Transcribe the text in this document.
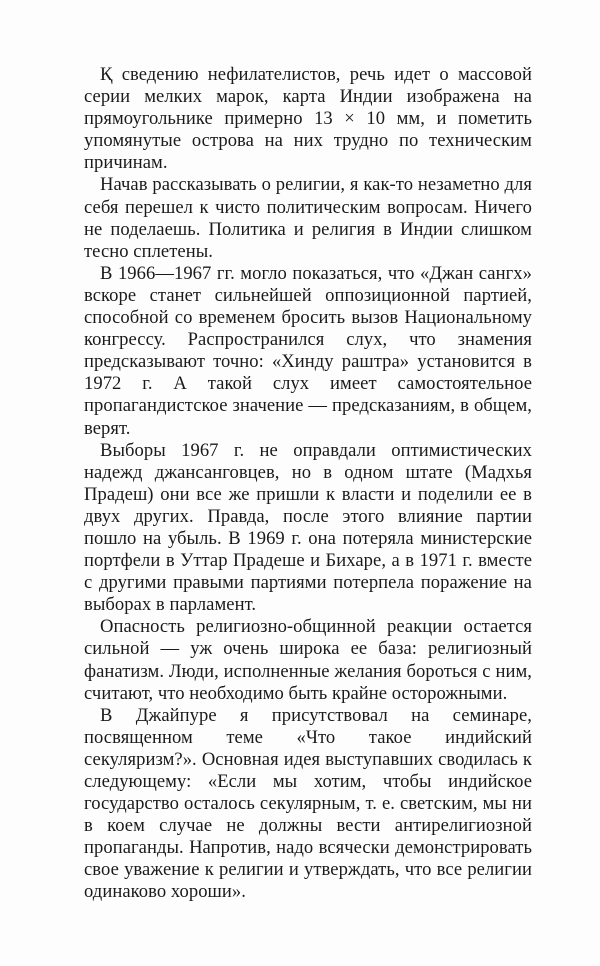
Қ сведению нефилателистов, речь идет о массовой серии мелких марок, карта Индии изображена на прямоугольнике примерно 13 × 10 мм, и пометить упомянутые острова на них трудно по техническим причинам.

Начав рассказывать о религии, я как-то незаметно для себя перешел к чисто политическим вопросам. Ничего не поделаешь. Политика и религия в Индии слишком тесно сплетены.

В 1966—1967 гг. могло показаться, что «Джан сангх» вскоре станет сильнейшей оппозиционной партией, способной со временем бросить вызов Национальному конгрессу. Распространился слух, что знамения предсказывают точно: «Хинду раштра» установится в 1972 г. А такой слух имеет самостоятельное пропагандистское значение — предсказаниям, в общем, верят.

Выборы 1967 г. не оправдали оптимистических надежд джансанговцев, но в одном штате (Мадхья Прадеш) они все же пришли к власти и поделили ее в двух других. Правда, после этого влияние партии пошло на убыль. В 1969 г. она потеряла министерские портфели в Уттар Прадеше и Бихаре, а в 1971 г. вместе с другими правыми партиями потерпела поражение на выборах в парламент.

Опасность религиозно-общинной реакции остается сильной — уж очень широка ее база: религиозный фанатизм. Люди, исполненные желания бороться с ним, считают, что необходимо быть крайне осторожными.

В Джайпуре я присутствовал на семинаре, посвященном теме «Что такое индийский секуляризм?». Основная идея выступавших сводилась к следующему: «Если мы хотим, чтобы индийское государство осталось секулярным, т. е. светским, мы ни в коем случае не должны вести антирелигиозной пропаганды. Напротив, надо всячески демонстрировать свое уважение к религии и утверждать, что все религии одинаково хороши».
